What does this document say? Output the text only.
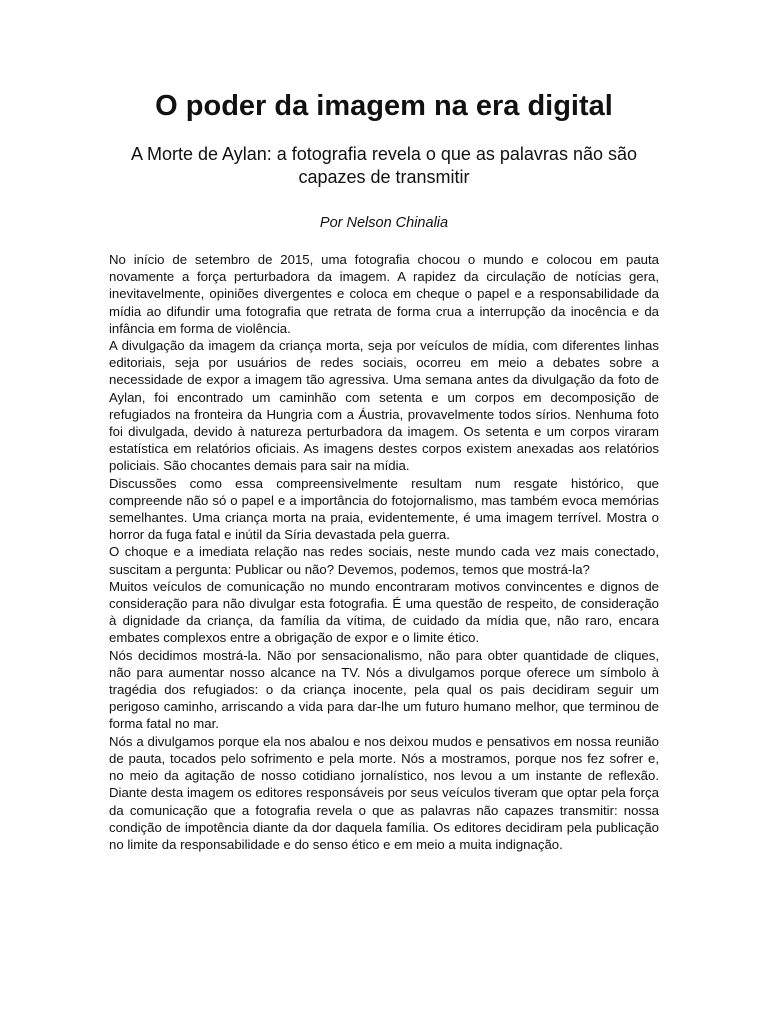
O poder da imagem na era digital
A Morte de Aylan: a fotografia revela o que as palavras não são capazes de transmitir
Por Nelson Chinalia

No início de setembro de 2015, uma fotografia chocou o mundo e colocou em pauta novamente a força perturbadora da imagem. A rapidez da circulação de notícias gera, inevitavelmente, opiniões divergentes e coloca em cheque o papel e a responsabilidade da mídia ao difundir uma fotografia que retrata de forma crua a interrupção da inocência e da infância em forma de violência.

A divulgação da imagem da criança morta, seja por veículos de mídia, com diferentes linhas editoriais, seja por usuários de redes sociais, ocorreu em meio a debates sobre a necessidade de expor a imagem tão agressiva. Uma semana antes da divulgação da foto de Aylan, foi encontrado um caminhão com setenta e um corpos em decomposição de refugiados na fronteira da Hungria com a Áustria, provavelmente todos sírios. Nenhuma foto foi divulgada, devido à natureza perturbadora da imagem. Os setenta e um corpos viraram estatística em relatórios oficiais. As imagens destes corpos existem anexadas aos relatórios policiais. São chocantes demais para sair na mídia.

Discussões como essa compreensivelmente resultam num resgate histórico, que compreende não só o papel e a importância do fotojornalismo, mas também evoca memórias semelhantes. Uma criança morta na praia, evidentemente, é uma imagem terrível. Mostra o horror da fuga fatal e inútil da Síria devastada pela guerra.

O choque e a imediata relação nas redes sociais, neste mundo cada vez mais conectado, suscitam a pergunta: Publicar ou não? Devemos, podemos, temos que mostrá-la?

Muitos veículos de comunicação no mundo encontraram motivos convincentes e dignos de consideração para não divulgar esta fotografia. É uma questão de respeito, de consideração à dignidade da criança, da família da vítima, de cuidado da mídia que, não raro, encara embates complexos entre a obrigação de expor e o limite ético.

Nós decidimos mostrá-la. Não por sensacionalismo, não para obter quantidade de cliques, não para aumentar nosso alcance na TV. Nós a divulgamos porque oferece um símbolo à tragédia dos refugiados: o da criança inocente, pela qual os pais decidiram seguir um perigoso caminho, arriscando a vida para dar-lhe um futuro humano melhor, que terminou de forma fatal no mar.

Nós a divulgamos porque ela nos abalou e nos deixou mudos e pensativos em nossa reunião de pauta, tocados pelo sofrimento e pela morte. Nós a mostramos, porque nos fez sofrer e, no meio da agitação de nosso cotidiano jornalístico, nos levou a um instante de reflexão. Diante desta imagem os editores responsáveis por seus veículos tiveram que optar pela força da comunicação que a fotografia revela o que as palavras não capazes transmitir: nossa condição de impotência diante da dor daquela família. Os editores decidiram pela publicação no limite da responsabilidade e do senso ético e em meio a muita indignação.
